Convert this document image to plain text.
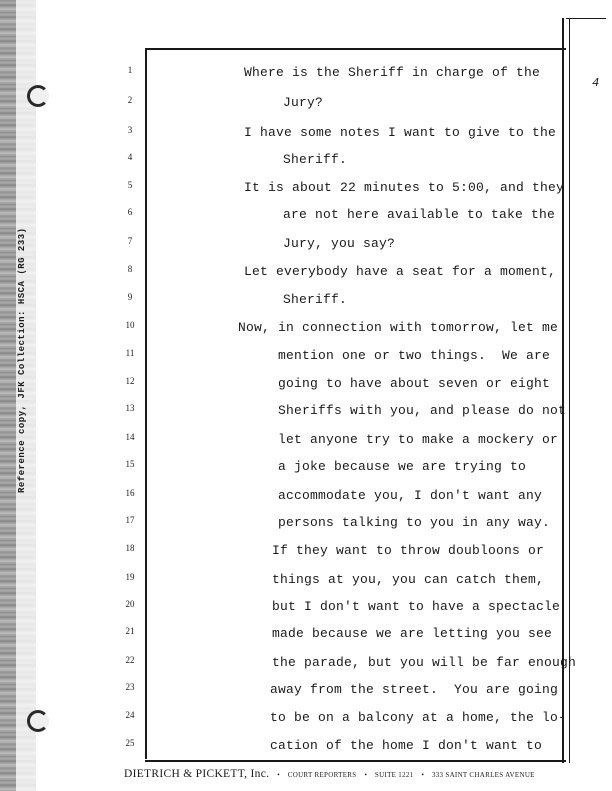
Reference copy, JFK Collection: HSCA (RG 233)
4
1
2
3
4
5
6
7
8
9
10
11
12
13
14
15
16
17
18
19
20
21
22
23
24
25
Where is the Sheriff in charge of the
Jury?
I have some notes I want to give to the
Sheriff.
It is about 22 minutes to 5:00, and they
are not here available to take the
Jury, you say?
Let everybody have a seat for a moment,
Sheriff.
Now, in connection with tomorrow, let me
mention one or two things.  We are
going to have about seven or eight
Sheriffs with you, and please do not
let anyone try to make a mockery or
a joke because we are trying to
accommodate you, I don't want any
persons talking to you in any way.
If they want to throw doubloons or
things at you, you can catch them,
but I don't want to have a spectacle
made because we are letting you see
the parade, but you will be far enough
away from the street.  You are going
to be on a balcony at a home, the lo-
cation of the home I don't want to
DIETRICH & PICKETT, Inc. • COURT REPORTERS • SUITE 1221 • 333 SAINT CHARLES AVENUE
